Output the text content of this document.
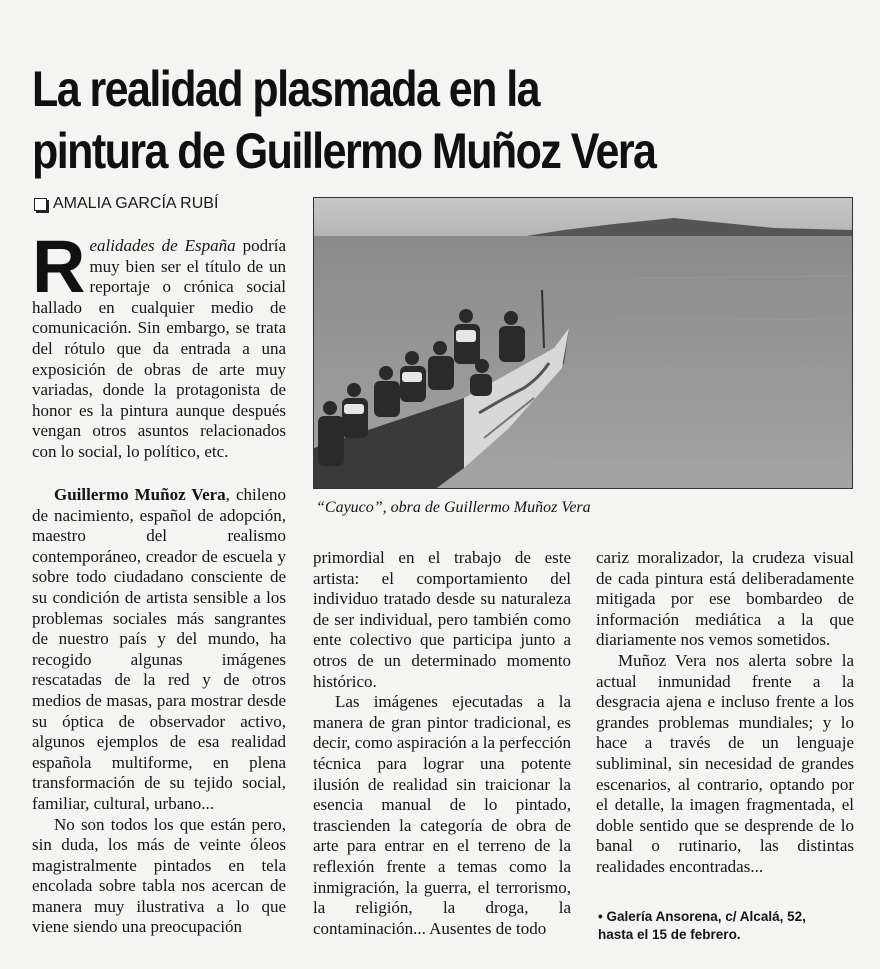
La realidad plasmada en la
pintura de Guillermo Muñoz Vera
AMALIA GARCÍA RUBÍ
“Cayuco”, obra de Guillermo Muñoz Vera

Realidades de España podría muy bien ser el título de un reportaje o crónica social hallado en cualquier medio de comunicación. Sin embargo, se trata del rótulo que da entrada a una exposición de obras de arte muy variadas, donde la protagonista de honor es la pintura aunque después vengan otros asuntos relacionados con lo social, lo político, etc.

Guillermo Muñoz Vera, chileno de nacimiento, español de adopción, maestro del realismo contemporáneo, creador de escuela y sobre todo ciudadano consciente de su condición de artista sensible a los problemas sociales más sangrantes de nuestro país y del mundo, ha recogido algunas imágenes rescatadas de la red y de otros medios de masas, para mostrar desde su óptica de observador activo, algunos ejemplos de esa realidad española multiforme, en plena transformación de su tejido social, familiar, cultural, urbano...

No son todos los que están pero, sin duda, los más de veinte óleos magistralmente pintados en tela encolada sobre tabla nos acercan de manera muy ilustrativa a lo que viene siendo una preocupación

primordial en el trabajo de este artista: el comportamiento del individuo tratado desde su naturaleza de ser individual, pero también como ente colectivo que participa junto a otros de un determinado momento histórico.

Las imágenes ejecutadas a la manera de gran pintor tradicional, es decir, como aspiración a la perfección técnica para lograr una potente ilusión de realidad sin traicionar la esencia manual de lo pintado, trascienden la categoría de obra de arte para entrar en el terreno de la reflexión frente a temas como la inmigración, la guerra, el terrorismo, la religión, la droga, la contaminación... Ausentes de todo

cariz moralizador, la crudeza visual de cada pintura está deliberadamente mitigada por ese bombardeo de información mediática a la que diariamente nos vemos sometidos.

Muñoz Vera nos alerta sobre la actual inmunidad frente a la desgracia ajena e incluso frente a los grandes problemas mundiales; y lo hace a través de un lenguaje subliminal, sin necesidad de grandes escenarios, al contrario, optando por el detalle, la imagen fragmentada, el doble sentido que se desprende de lo banal o rutinario, las distintas realidades encontradas...

• Galería Ansorena, c/ Alcalá, 52,
hasta el 15 de febrero.
